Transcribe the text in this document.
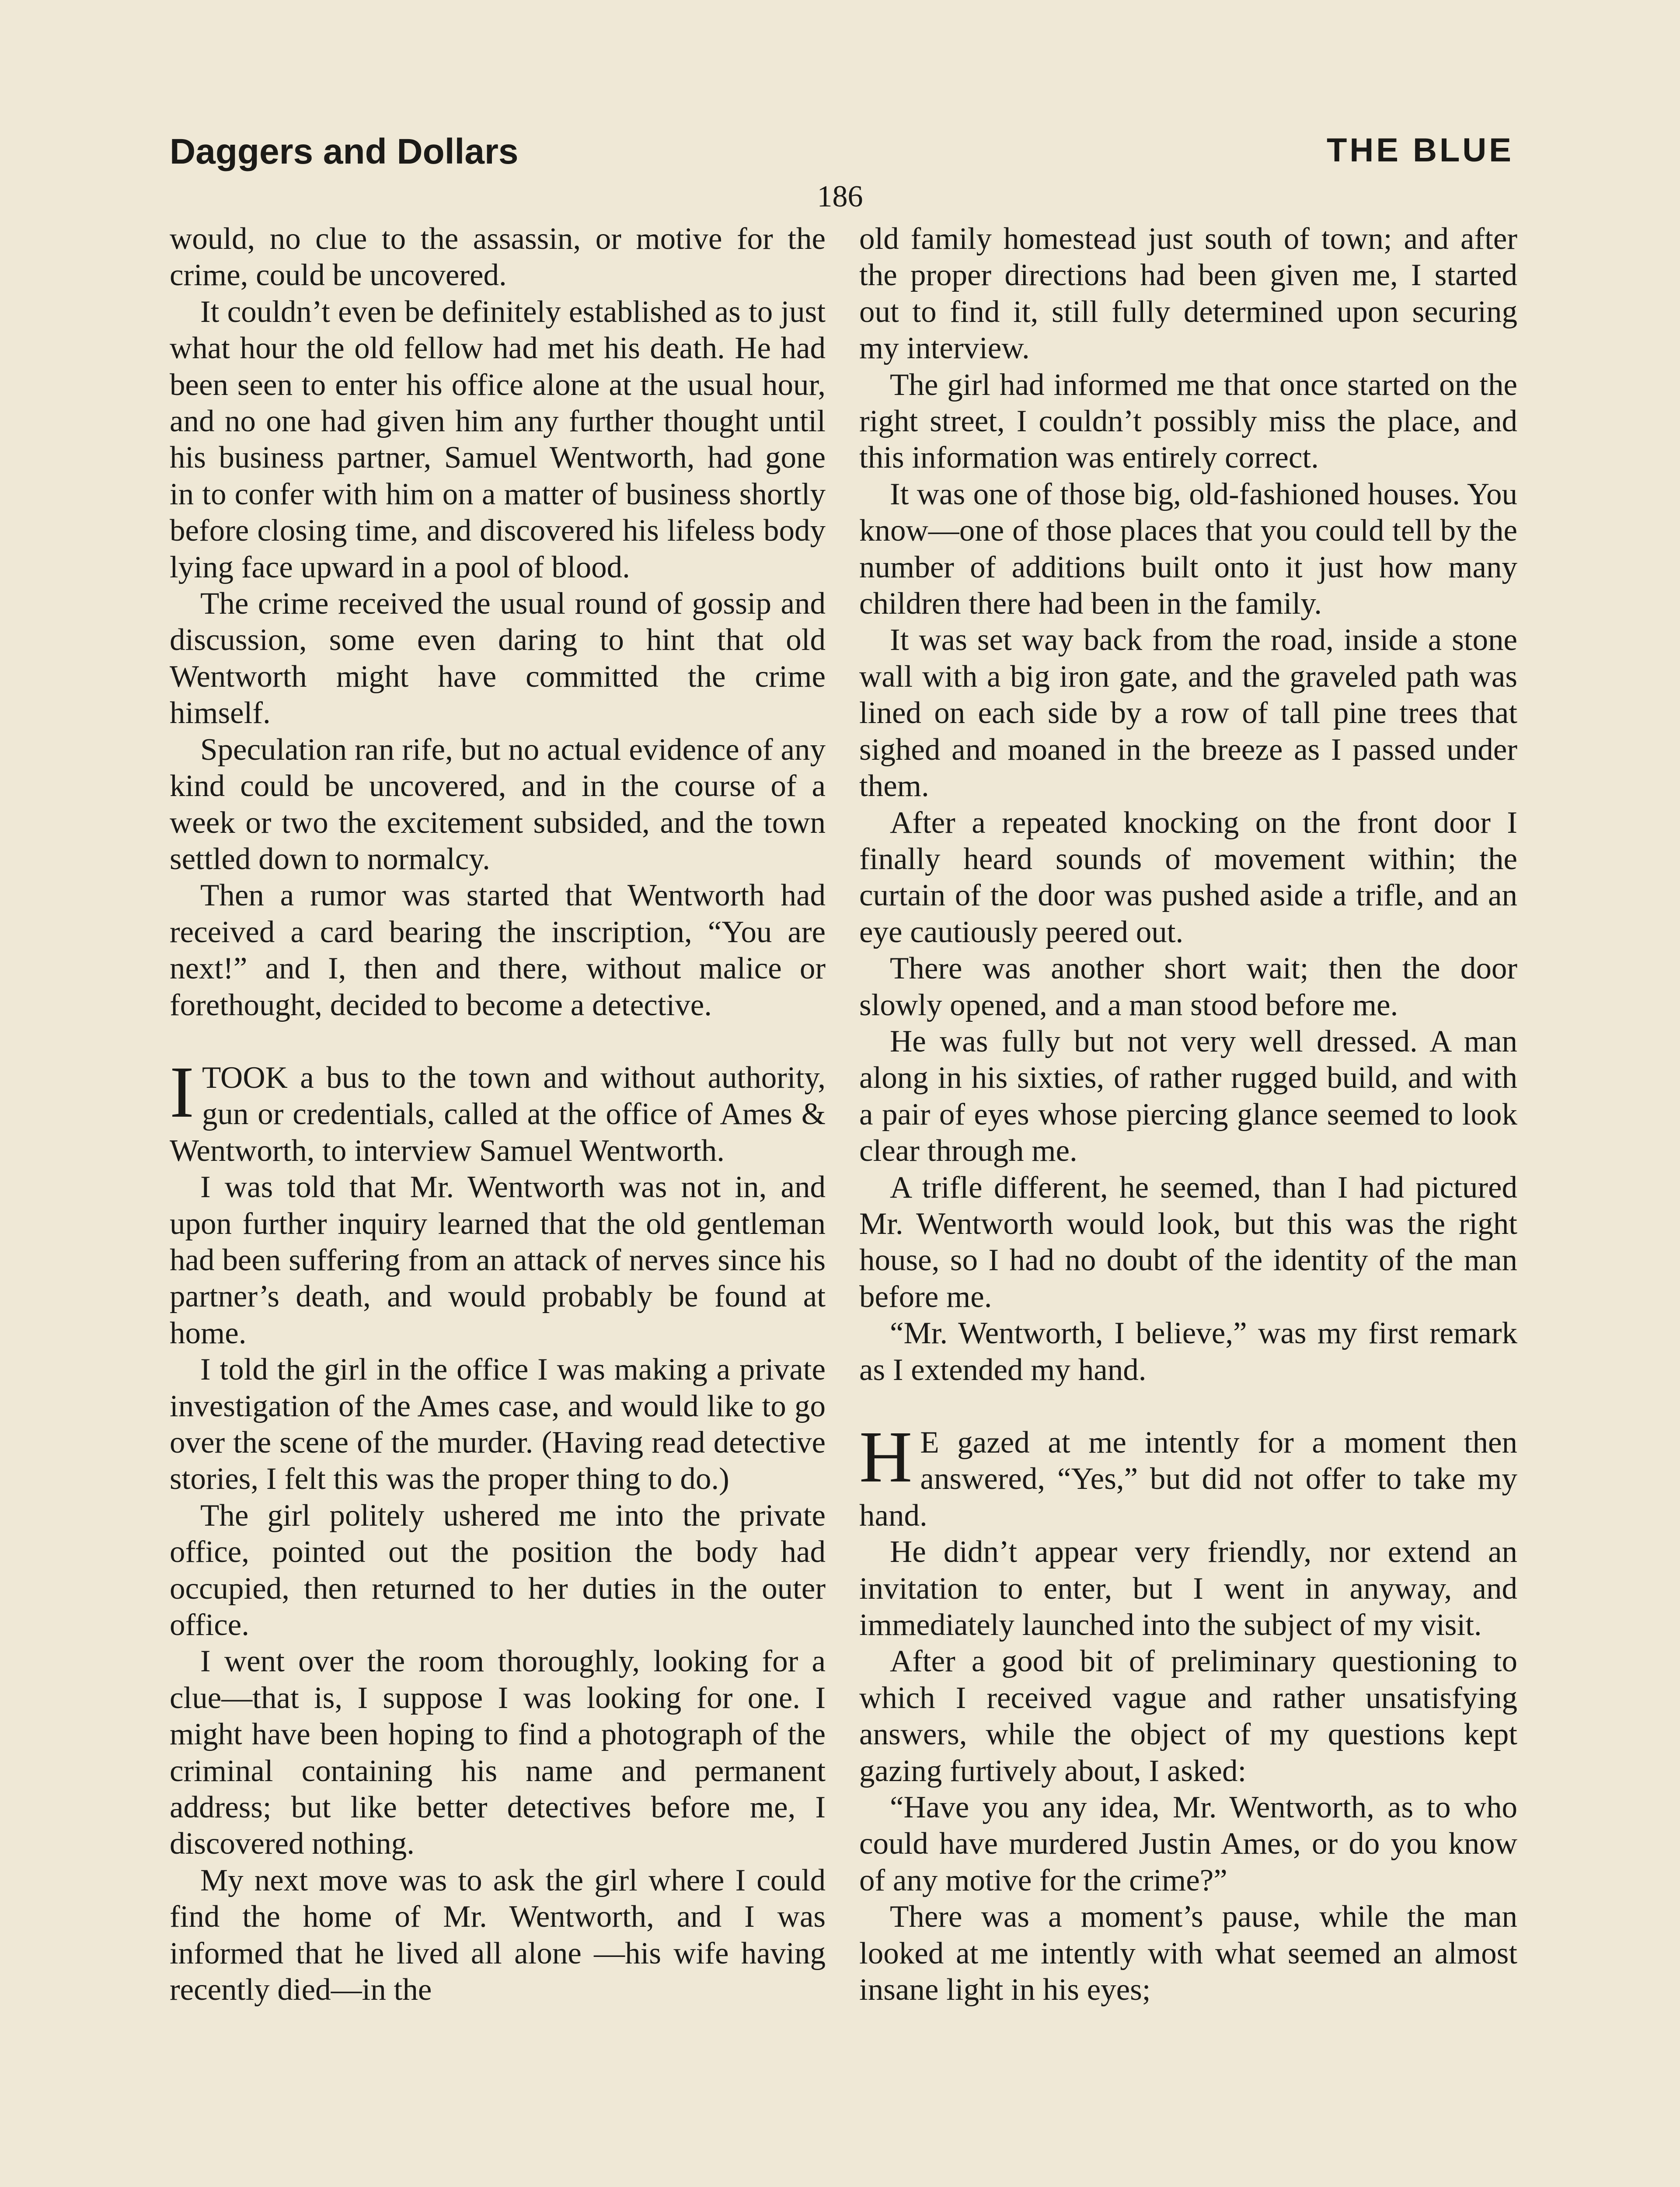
Daggers and Dollars	THE BLUE
186

would, no clue to the assassin, or motive for the crime, could be uncovered.

It couldn’t even be definitely established as to just what hour the old fellow had met his death. He had been seen to enter his office alone at the usual hour, and no one had given him any further thought until his business partner, Samuel Wentworth, had gone in to confer with him on a matter of business shortly before closing time, and discovered his lifeless body lying face upward in a pool of blood.

The crime received the usual round of gossip and discussion, some even daring to hint that old Wentworth might have committed the crime himself.

Speculation ran rife, but no actual evidence of any kind could be uncovered, and in the course of a week or two the excitement subsided, and the town settled down to normalcy.

Then a rumor was started that Wentworth had received a card bearing the inscription, “You are next!” and I, then and there, without malice or forethought, decided to become a detective.

ITOOK a bus to the town and without authority, gun or credentials, called at the office of Ames & Wentworth, to interview Samuel Wentworth.

I was told that Mr. Wentworth was not in, and upon further inquiry learned that the old gentleman had been suffering from an attack of nerves since his partner’s death, and would probably be found at home.

I told the girl in the office I was making a private investigation of the Ames case, and would like to go over the scene of the murder. (Having read detective stories, I felt this was the proper thing to do.)

The girl politely ushered me into the private office, pointed out the position the body had occupied, then returned to her duties in the outer office.

I went over the room thoroughly, looking for a clue—that is, I suppose I was looking for one. I might have been hoping to find a photograph of the criminal containing his name and permanent address; but like better detectives before me, I discovered nothing.

My next move was to ask the girl where I could find the home of Mr. Wentworth, and I was informed that he lived all alone —his wife having recently died—in the

old family homestead just south of town; and after the proper directions had been given me, I started out to find it, still fully determined upon securing my interview.

The girl had informed me that once started on the right street, I couldn’t possibly miss the place, and this information was entirely correct.

It was one of those big, old-fashioned houses. You know—one of those places that you could tell by the number of additions built onto it just how many children there had been in the family.

It was set way back from the road, inside a stone wall with a big iron gate, and the graveled path was lined on each side by a row of tall pine trees that sighed and moaned in the breeze as I passed under them.

After a repeated knocking on the front door I finally heard sounds of movement within; the curtain of the door was pushed aside a trifle, and an eye cautiously peered out.

There was another short wait; then the door slowly opened, and a man stood before me.

He was fully but not very well dressed. A man along in his sixties, of rather rugged build, and with a pair of eyes whose piercing glance seemed to look clear through me.

A trifle different, he seemed, than I had pictured Mr. Wentworth would look, but this was the right house, so I had no doubt of the identity of the man before me.

“Mr. Wentworth, I believe,” was my first remark as I extended my hand.

H E gazed at me intently for a moment then answered, “Yes,” but did not offer to take my hand.

He didn’t appear very friendly, nor extend an invitation to enter, but I went in anyway, and immediately launched into the subject of my visit.

After a good bit of preliminary questioning to which I received vague and rather unsatisfying answers, while the object of my questions kept gazing furtively about, I asked:

“Have you any idea, Mr. Wentworth, as to who could have murdered Justin Ames, or do you know of any motive for the crime?”

There was a moment’s pause, while the man looked at me intently with what seemed an almost insane light in his eyes;
